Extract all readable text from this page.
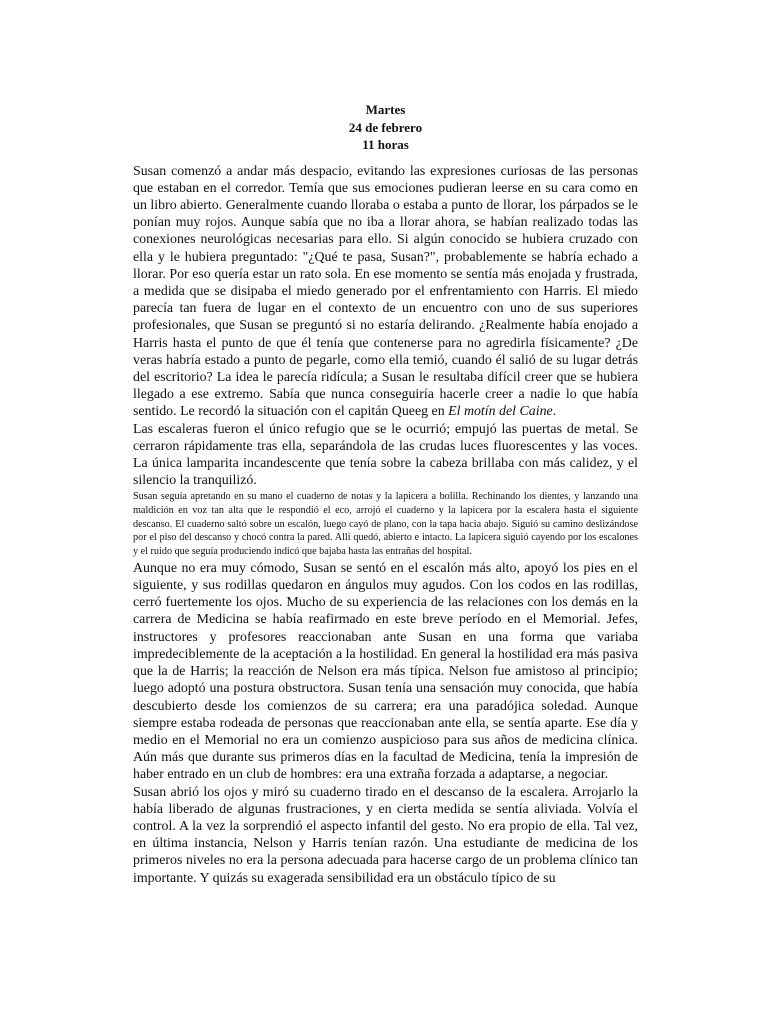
Martes
24 de febrero
11 horas

Susan comenzó a andar más despacio, evitando las expresiones curiosas de las personas que estaban en el corredor. Temía que sus emociones pudieran leerse en su cara como en un libro abierto. Generalmente cuando lloraba o estaba a punto de llorar, los párpados se le ponían muy rojos. Aunque sabía que no iba a llorar ahora, se habían realizado todas las conexiones neurológicas necesarias para ello. Si algún conocido se hubiera cruzado con ella y le hubiera preguntado: "¿Qué te pasa, Susan?", probablemente se habría echado a llorar. Por eso quería estar un rato sola. En ese momento se sentía más enojada y frustrada, a medida que se disipaba el miedo generado por el enfrentamiento con Harris. El miedo parecía tan fuera de lugar en el contexto de un encuentro con uno de sus superiores profesionales, que Susan se preguntó si no estaría delirando. ¿Realmente había enojado a Harris hasta el punto de que él tenía que contenerse para no agredirla físicamente? ¿De veras habría estado a punto de pegarle, como ella temió, cuando él salió de su lugar detrás del escritorio? La idea le parecía ridícula; a Susan le resultaba difícil creer que se hubiera llegado a ese extremo. Sabía que nunca conseguiría hacerle creer a nadie lo que había sentido. Le recordó la situación con el capitán Queeg en El motín del Caine.

Las escaleras fueron el único refugio que se le ocurrió; empujó las puertas de metal. Se cerraron rápidamente tras ella, separándola de las crudas luces fluorescentes y las voces. La única lamparita incandescente que tenía sobre la cabeza brillaba con más calidez, y el silencio la tranquilizó.

Susan seguía apretando en su mano el cuaderno de notas y la lapicera a bolilla. Rechinando los dientes, y lanzando una maldición en voz tan alta que le respondió el eco, arrojó el cuaderno y la lapicera por la escalera hasta el siguiente descanso. El cuaderno saltó sobre un escalón, luego cayó de plano, con la tapa hacia abajo. Siguió su camino deslizándose por el piso del descanso y chocó contra la pared. Allí quedó, abierto e intacto. La lapicera siguió cayendo por los escalones y el ruido que seguía produciendo indicó que bajaba hasta las entrañas del hospital.

Aunque no era muy cómodo, Susan se sentó en el escalón más alto, apoyó los pies en el siguiente, y sus rodillas quedaron en ángulos muy agudos. Con los codos en las rodillas, cerró fuertemente los ojos. Mucho de su experiencia de las relaciones con los demás en la carrera de Medicina se había reafirmado en este breve período en el Memorial. Jefes, instructores y profesores reaccionaban ante Susan en una forma que variaba impredeciblemente de la aceptación a la hostilidad. En general la hostilidad era más pasiva que la de Harris; la reacción de Nelson era más típica. Nelson fue amistoso al principio; luego adoptó una postura obstructora. Susan tenía una sensación muy conocida, que había descubierto desde los comienzos de su carrera; era una paradójica soledad. Aunque siempre estaba rodeada de personas que reaccionaban ante ella, se sentía aparte. Ese día y medio en el Memorial no era un comienzo auspicioso para sus años de medicina clínica. Aún más que durante sus primeros días en la facultad de Medicina, tenía la impresión de haber entrado en un club de hombres: era una extraña forzada a adaptarse, a negociar.

Susan abrió los ojos y miró su cuaderno tirado en el descanso de la escalera. Arrojarlo la había liberado de algunas frustraciones, y en cierta medida se sentía aliviada. Volvía el control. A la vez la sorprendió el aspecto infantil del gesto. No era propio de ella. Tal vez, en última instancia, Nelson y Harris tenían razón. Una estudiante de medicina de los primeros niveles no era la persona adecuada para hacerse cargo de un problema clínico tan importante. Y quizás su exagerada sensibilidad era un obstáculo típico de su
